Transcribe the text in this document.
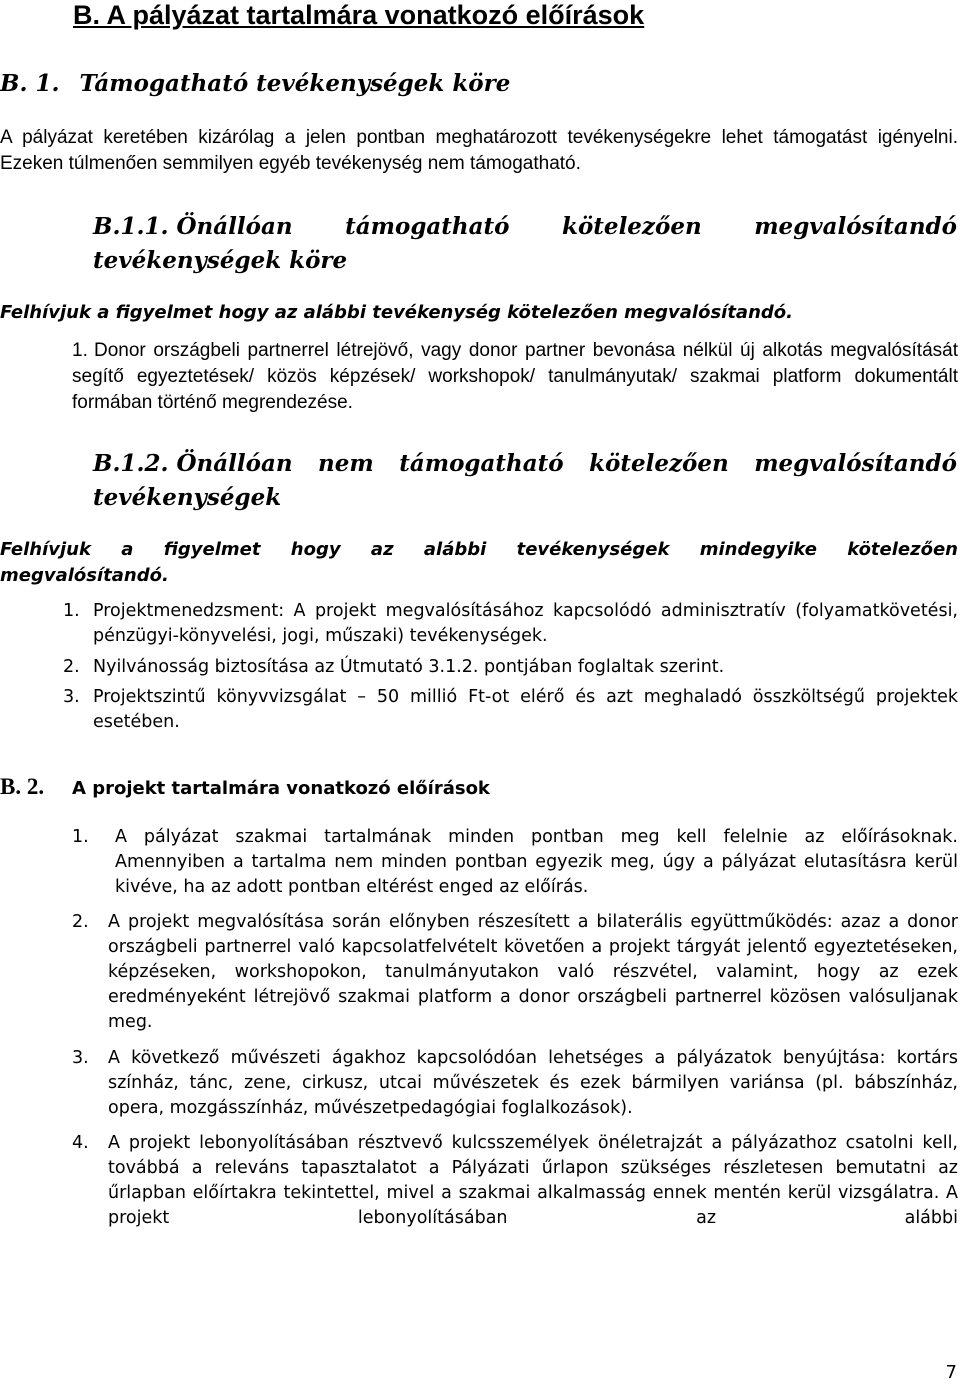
B. A pályázat tartalmára vonatkozó előírások
B. 1. Támogatható tevékenységek köre

A pályázat keretében kizárólag a jelen pontban meghatározott tevékenységekre lehet támogatást igényelni. Ezeken túlmenően semmilyen egyéb tevékenység nem támogatható.

B.1.1. Önállóan támogatható kötelezően megvalósítandó
tevékenységek köre

Felhívjuk a figyelmet hogy az alábbi tevékenység kötelezően megvalósítandó.

1. Donor országbeli partnerrel létrejövő, vagy donor partner bevonása nélkül új alkotás megvalósítását segítő egyeztetések/ közös képzések/ workshopok/ tanulmányutak/ szakmai platform dokumentált formában történő megrendezése.
B.1.2. Önállóan nem támogatható kötelezően megvalósítandó
tevékenységek
Felhívjuk a figyelmet hogy az alábbi tevékenységek mindegyike kötelezően
megvalósítandó.
1. Projektmenedzsment: A projekt megvalósításához kapcsolódó adminisztratív (folyamatkövetési, pénzügyi-könyvelési, jogi, műszaki) tevékenységek.
2. Nyilvánosság biztosítása az Útmutató 3.1.2. pontjában foglaltak szerint.
3. Projektszintű könyvvizsgálat – 50 millió Ft-ot elérő és azt meghaladó összköltségű projektek esetében.
B. 2. A projekt tartalmára vonatkozó előírások
1. A pályázat szakmai tartalmának minden pontban meg kell felelnie az előírásoknak. Amennyiben a tartalma nem minden pontban egyezik meg, úgy a pályázat elutasításra kerül kivéve, ha az adott pontban eltérést enged az előírás.
2. A projekt megvalósítása során előnyben részesített a bilaterális együttműködés: azaz a donor országbeli partnerrel való kapcsolatfelvételt követően a projekt tárgyát jelentő egyeztetéseken, képzéseken, workshopokon, tanulmányutakon való részvétel, valamint, hogy az ezek eredményeként létrejövő szakmai platform a donor országbeli partnerrel közösen valósuljanak meg.
3. A következő művészeti ágakhoz kapcsolódóan lehetséges a pályázatok benyújtása: kortárs színház, tánc, zene, cirkusz, utcai művészetek és ezek bármilyen variánsa (pl. bábszínház, opera, mozgásszínház, művészetpedagógiai foglalkozások).
4. A projekt lebonyolításában résztvevő kulcsszemélyek önéletrajzát a pályázathoz csatolni kell, továbbá a releváns tapasztalatot a Pályázati űrlapon szükséges részletesen bemutatni az űrlapban előírtakra tekintettel, mivel a szakmai alkalmasság ennek mentén kerül vizsgálatra. A projekt lebonyolításában az alábbi
7
